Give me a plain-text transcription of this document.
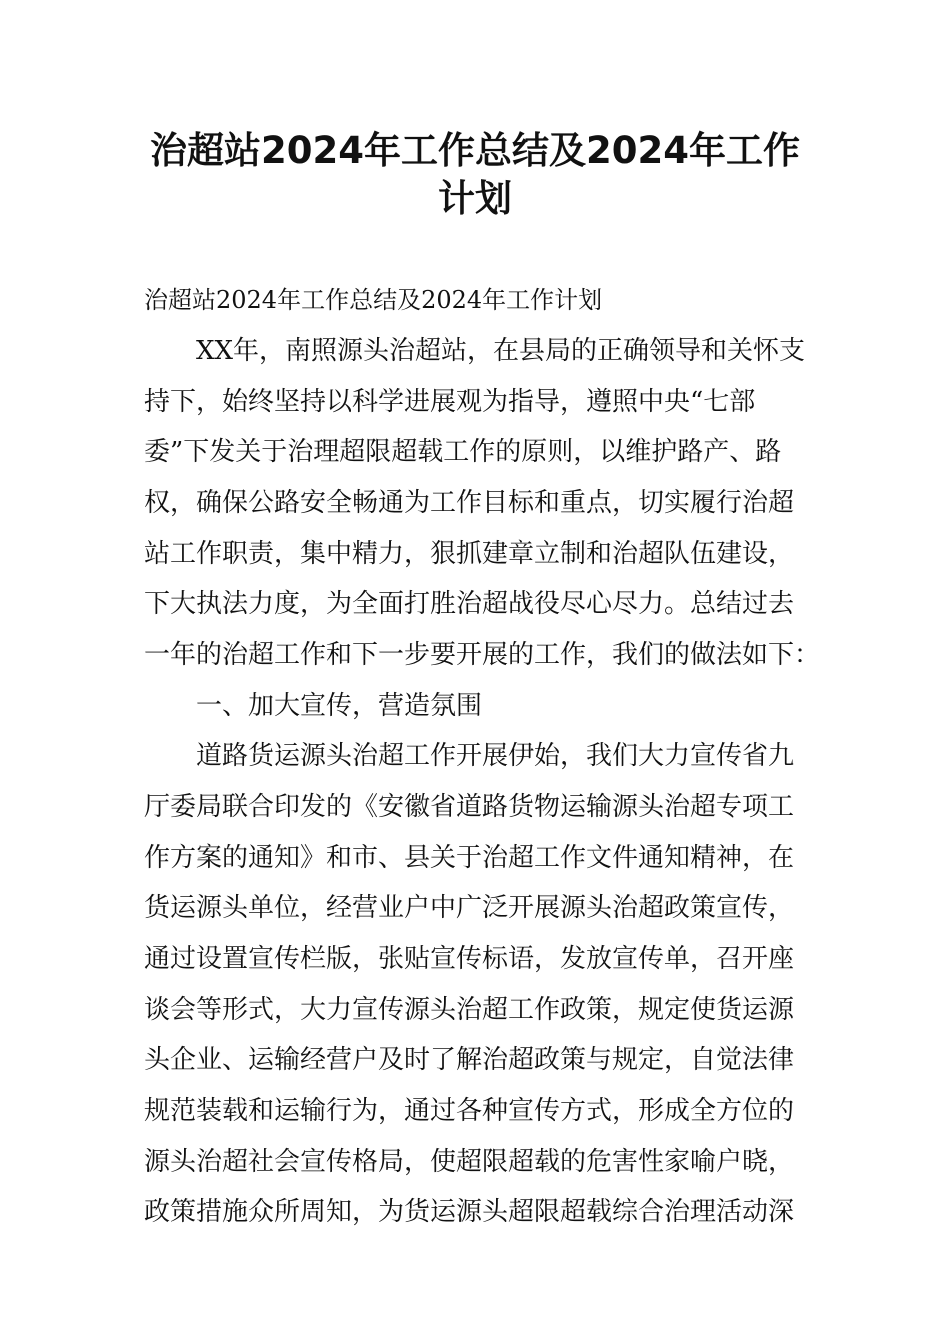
治超站2024年工作总结及2024年工作
计划
治超站2024年工作总结及2024年工作计划
XX年，南照源头治超站，在县局的正确领导和关怀支
持下，始终坚持以科学进展观为指导，遵照中央“七部
委”下发关于治理超限超载工作的原则，以维护路产、路
权，确保公路安全畅通为工作目标和重点，切实履行治超
站工作职责，集中精力，狠抓建章立制和治超队伍建设，
下大执法力度，为全面打胜治超战役尽心尽力。总结过去
一年的治超工作和下一步要开展的工作，我们的做法如下：
一、加大宣传，营造氛围
道路货运源头治超工作开展伊始，我们大力宣传省九
厅委局联合印发的《安徽省道路货物运输源头治超专项工
作方案的通知》和市、县关于治超工作文件通知精神，在
货运源头单位，经营业户中广泛开展源头治超政策宣传，
通过设置宣传栏版，张贴宣传标语，发放宣传单，召开座
谈会等形式，大力宣传源头治超工作政策，规定使货运源
头企业、运输经营户及时了解治超政策与规定，自觉法律
规范装载和运输行为，通过各种宣传方式，形成全方位的
源头治超社会宣传格局，使超限超载的危害性家喻户晓，
政策措施众所周知，为货运源头超限超载综合治理活动深
